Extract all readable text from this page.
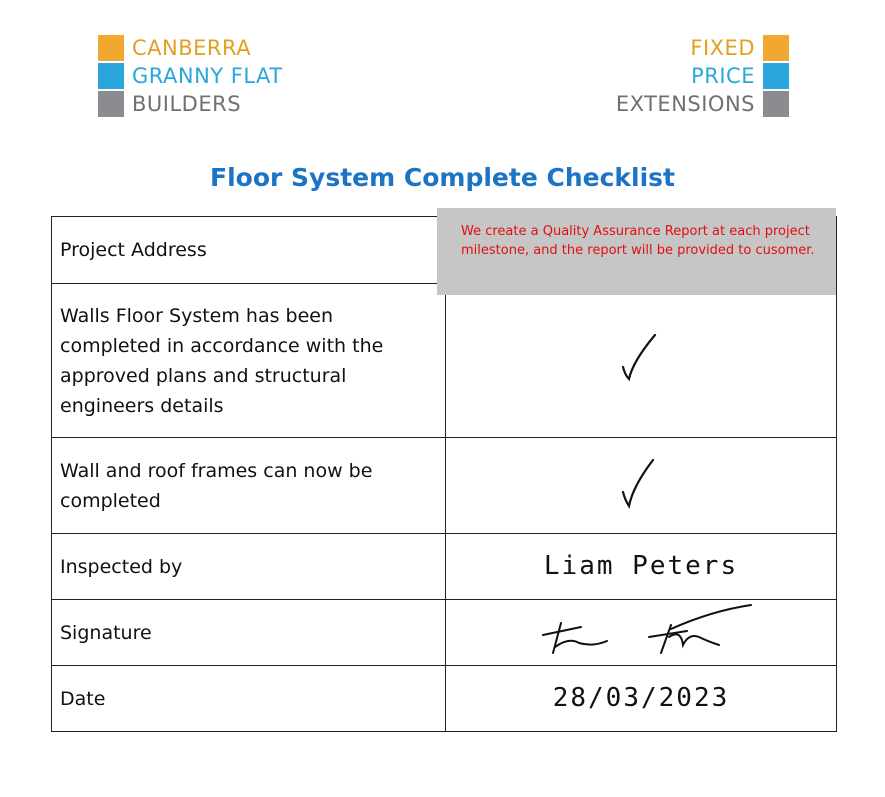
CANBERRA
GRANNY FLAT
BUILDERS
FIXED
PRICE
EXTENSIONS
Floor System Complete Checklist
Project Address	
Walls Floor System has been completed in accordance with the approved plans and structural engineers details	

Wall and roof frames can now be completed	

Inspected by	Liam Peters
Signature	

Date	28/03/2023
We create a Quality Assurance Report at each project milestone, and the report will be provided to cusomer.
